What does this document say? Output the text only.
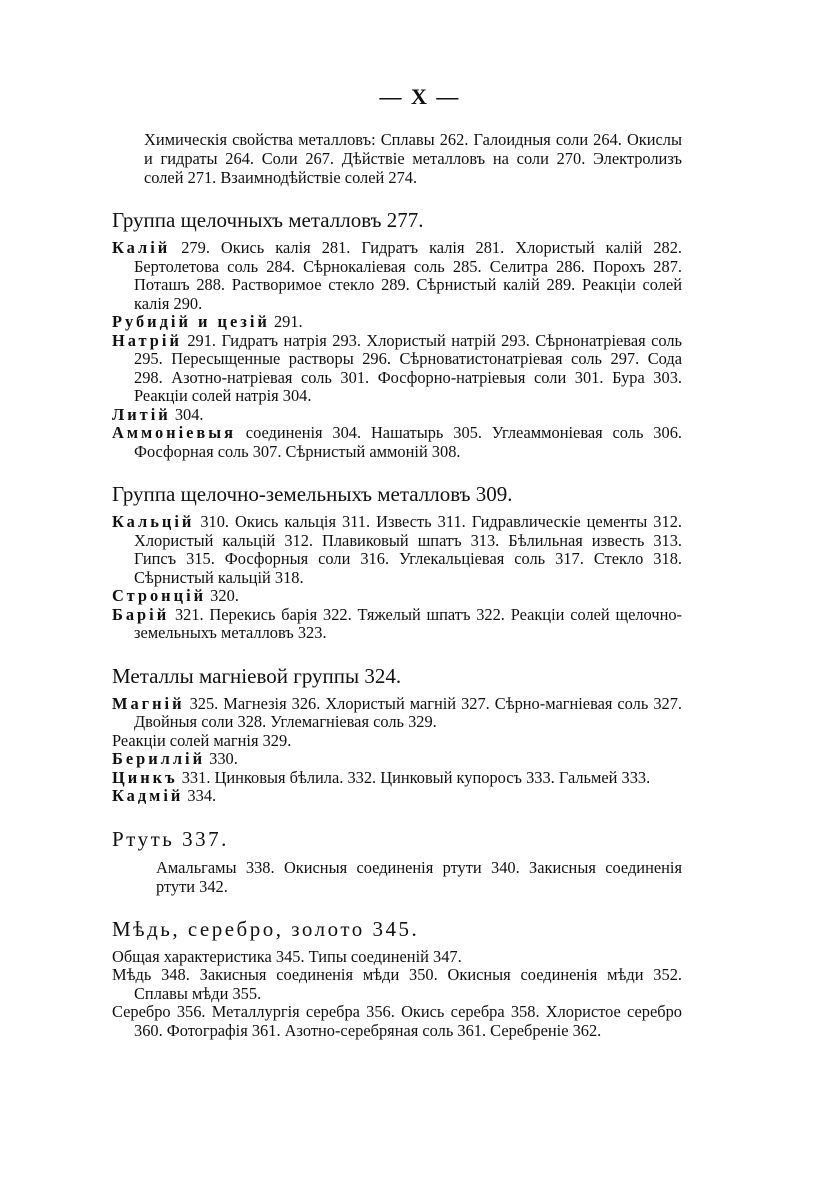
— X —

Химическія свойства металловъ: Сплавы 262. Галоидныя соли 264. Окислы и гидраты 264. Соли 267. Дѣйствіе металловъ на соли 270. Электролизъ солей 271. Взаимнодѣйствіе солей 274.

Группа щелочныхъ металловъ 277.

Калій 279. Окись калія 281. Гидратъ калія 281. Хлористый калій 282. Бертолетова соль 284. Сѣрнокаліевая соль 285. Селитра 286. Порохъ 287. Поташъ 288. Растворимое стекло 289. Сѣрнистый калій 289. Реакціи солей калія 290.

Рубидій и цезій 291.

Натрій 291. Гидратъ натрія 293. Хлористый натрій 293. Сѣрнонатріевая соль 295. Пересыщенные растворы 296. Сѣрноватистонатріевая соль 297. Сода 298. Азотно-натріевая соль 301. Фосфорно-натріевыя соли 301. Бура 303. Реакціи солей натрія 304.

Литій 304.

Аммоніевыя соединенія 304. Нашатырь 305. Углеаммоніевая соль 306. Фосфорная соль 307. Сѣрнистый аммоній 308.

Группа щелочно-земельныхъ металловъ 309.

Кальцій 310. Окись кальція 311. Известь 311. Гидравлическіе цементы 312. Хлористый кальцій 312. Плавиковый шпатъ 313. Бѣлильная известь 313. Гипсъ 315. Фосфорныя соли 316. Углекальціевая соль 317. Стекло 318. Сѣрнистый кальцій 318.

Стронцій 320.

Барій 321. Перекись барія 322. Тяжелый шпатъ 322. Реакціи солей щелочно-земельныхъ металловъ 323.

Металлы магніевой группы 324.

Магній 325. Магнезія 326. Хлористый магній 327. Сѣрно-магніевая соль 327. Двойныя соли 328. Углемагніевая соль 329.

Реакціи солей магнія 329.

Бериллій 330.

Цинкъ 331. Цинковыя бѣлила. 332. Цинковый купоросъ 333. Гальмей 333.

Кадмій 334.

Ртуть 337.

Амальгамы 338. Окисныя соединенія ртути 340. Закисныя соединенія ртути 342.

Мѣдь, серебро, золото 345.

Общая характеристика 345. Типы соединеній 347.

Мѣдь 348. Закисныя соединенія мѣди 350. Окисныя соединенія мѣди 352. Сплавы мѣди 355.

Серебро 356. Металлургія серебра 356. Окись серебра 358. Хлористое серебро 360. Фотографія 361. Азотно-серебряная соль 361. Серебреніе 362.
